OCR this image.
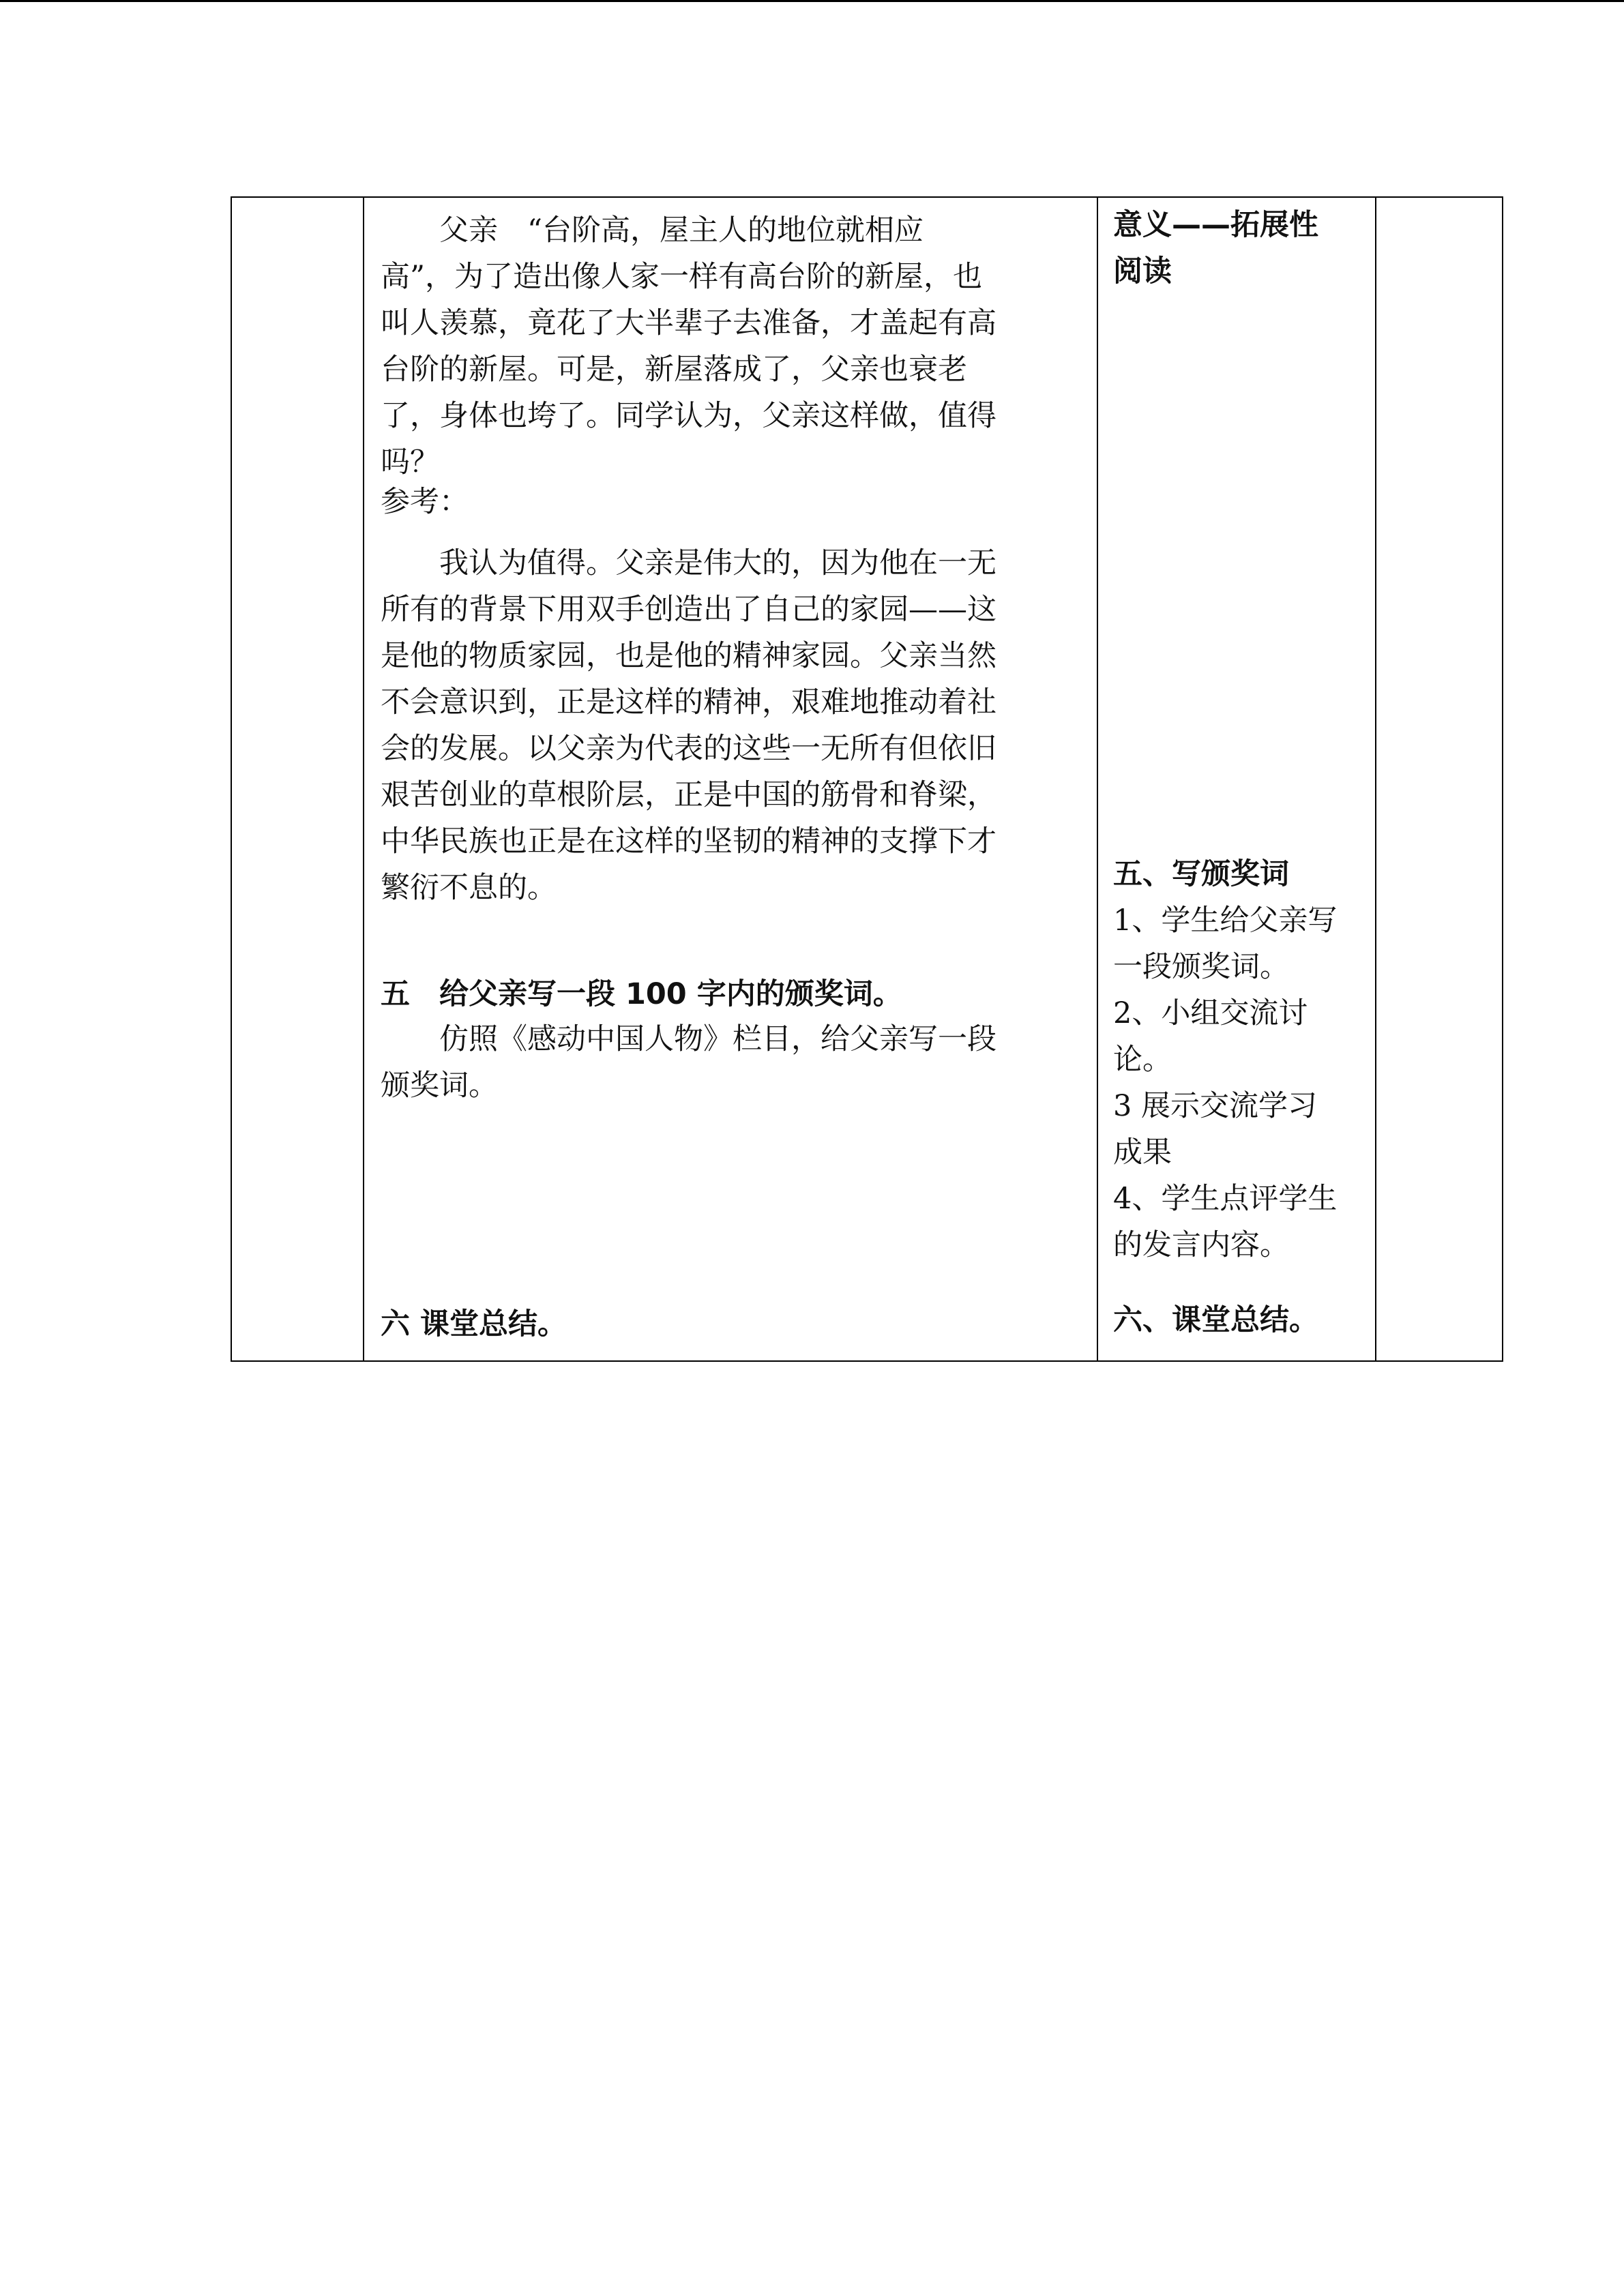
　　父亲　“台阶高，屋主人的地位就相应

高”，为了造出像人家一样有高台阶的新屋，也

叫人羡慕，竟花了大半辈子去准备，才盖起有高

台阶的新屋。可是，新屋落成了，父亲也衰老

了，身体也垮了。同学认为，父亲这样做，值得

吗？

参考：

我认为值得。父亲是伟大的，因为他在一无

所有的背景下用双手创造出了自己的家园——这

是他的物质家园，也是他的精神家园。父亲当然

不会意识到，正是这样的精神，艰难地推动着社

会的发展。以父亲为代表的这些一无所有但依旧

艰苦创业的草根阶层，正是中国的筋骨和脊梁，

中华民族也正是在这样的坚韧的精神的支撑下才

繁衍不息的。

五　给父亲写一段 100 字内的颁奖词。

仿照《感动中国人物》栏目，给父亲写一段

颁奖词。

六 课堂总结。

意义——拓展性

阅读

五、写颁奖词

1、学生给父亲写

一段颁奖词。

2、小组交流讨

论。

3 展示交流学习

成果

4、学生点评学生

的发言内容。

六、课堂总结。
